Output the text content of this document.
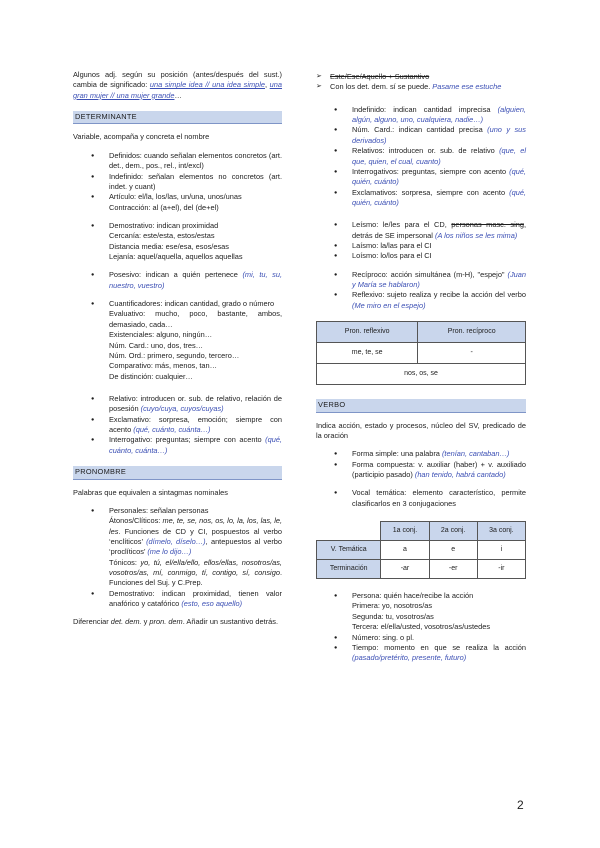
Algunos adj. según su posición (antes/después del sust.) cambia de significado: una simple idea // una idea simple, una gran mujer // una mujer grande…

DETERMINANTE

Variable, acompaña y concreta el nombre

● Definidos: cuando señalan elementos concretos (art. det., dem., pos., rel., int/excl)
● Indefinido: señalan elementos no concretos (art. indet. y cuant)
● Artículo: el/la, los/las, un/una, unos/unas
Contracción: al (a+el), del (de+el)
● Demostrativo: indican proximidad
Cercanía: este/esta, estos/estas
Distancia media: ese/esa, esos/esas
Lejanía: aquel/aquella, aquellos aquellas
● Posesivo: indican a quién pertenece (mi, tu, su, nuestro, vuestro)
● Cuantificadores: indican cantidad, grado o número
Evaluativo: mucho, poco, bastante, ambos, demasiado, cada…
Existenciales: alguno, ningún…
Núm. Card.: uno, dos, tres…
Núm. Ord.: primero, segundo, tercero…
Comparativo: más, menos, tan…
De distinción: cualquier…
● Relativo: introducen or. sub. de relativo, relación de posesión (cuyo/cuya, cuyos/cuyas)
● Exclamativo: sorpresa, emoción; siempre con acento (qué, cuánto, cuánta…)
● Interrogativo: preguntas; siempre con acento (qué, cuánto, cuánta…)
PRONOMBRE

Palabras que equivalen a sintagmas nominales

● Personales: señalan personas
Átonos/Clíticos: me, te, se, nos, os, lo, la, los, las, le, les. Funciones de CD y CI, pospuestos al verbo ‘enclíticos’ (dímelo, díselo…), antepuestos al verbo ‘proclíticos’ (me lo dijo…)
Tónicos: yo, tú, el/ella/ello, ellos/ellas, nosotros/as, vosotros/as, mí, conmigo, tí, contigo, sí, consigo. Funciones del Suj. y C.Prep.
● Demostrativo: indican proximidad, tienen valor anafórico y catafórico (esto, eso aquello)

Diferenciar det. dem. y pron. dem. Añadir un sustantivo detrás.

➢ Este/Ese/Aquello + Sustantivo
➢ Con los det. dem. sí se puede. Pasame ese estuche
● Indefinido: indican cantidad imprecisa (alguien, algún, alguno, uno, cualquiera, nadie…)
● Núm. Card.: indican cantidad precisa (uno y sus derivados)
● Relativos: introducen or. sub. de relativo (que, el que, quien, el cual, cuanto)
● Interrogativos: preguntas, siempre con acento (qué, quién, cuánto)
● Exclamativos: sorpresa, siempre con acento (qué, quién, cuánto)
● Leísmo: le/les para el CD, personas masc. sing, detrás de SE impersonal (A los niños se les mima)
● Laísmo: la/las para el CI
● Loísmo: lo/los para el CI
● Recíproco: acción simultánea (m-H), "espejo" (Juan y María se hablaron)
● Reflexivo: sujeto realiza y recibe la acción del verbo (Me miro en el espejo)
Pron. reflexivo	Pron. recíproco
me, te, se	-
nos, os, se	
VERBO

Indica acción, estado y procesos, núcleo del SV, predicado de la oración

● Forma simple: una palabra (tenían, cantaban…)
● Forma compuesta: v. auxiliar (haber) + v. auxiliado (participio pasado) (han tenido, habrá cantado)
● Vocal temática: elemento característico, permite clasificarlos en 3 conjugaciones
	1a conj.	2a conj.	3a conj.
V. Temática	a	e	i
Terminación	-ar	-er	-ir
● Persona: quién hace/recibe la acción
Primera: yo, nosotros/as
Segunda: tu, vosotros/as
Tercera: el/ella/usted, vosotros/as/ustedes
● Número: sing. o pl.
● Tiempo: momento en que se realiza la acción (pasado/pretérito, presente, futuro)
2
